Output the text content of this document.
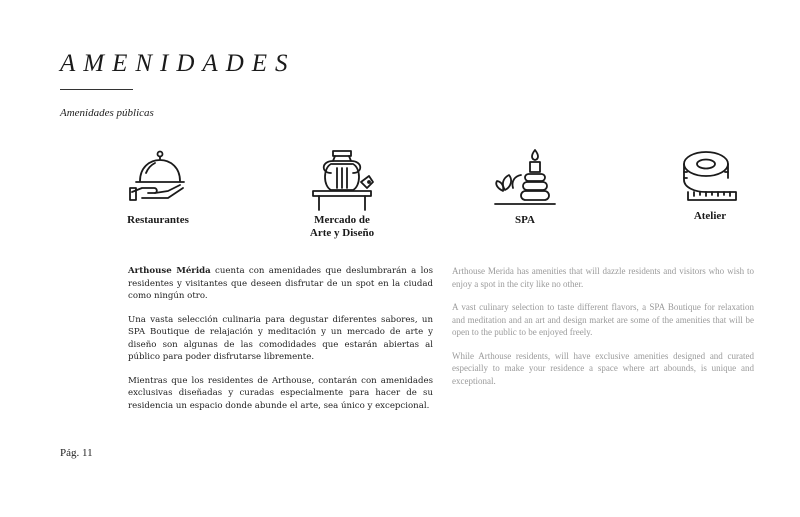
AMENIDADES
Amenidades públicas
Restaurantes	Mercado de
Arte y Diseño
SPA	Atelier

Arthouse Mérida cuenta con amenidades que deslumbrarán a los residentes y visitantes que deseen disfrutar de un spot en la ciudad como ningún otro.

Una vasta selección culinaria para degustar diferentes sabores, un SPA Boutique de relajación y meditación y un mercado de arte y diseño son algunas de las comodidades que estarán abiertas al público para poder disfrutarse libremente.

Mientras que los residentes de Arthouse, contarán con amenidades exclusivas diseñadas y curadas especialmente para hacer de su residencia un espacio donde abunde el arte, sea único y excepcional.

Arthouse Merida has amenities that will dazzle residents and visitors who wish to enjoy a spot in the city like no other.

A vast culinary selection to taste different flavors, a SPA Boutique for relaxation and meditation and an art and design market are some of the amenities that will be open to the public to be enjoyed freely.

While Arthouse residents, will have exclusive amenities designed and curated especially to make your residence a space where art abounds, is unique and exceptional.

Pág. 11
